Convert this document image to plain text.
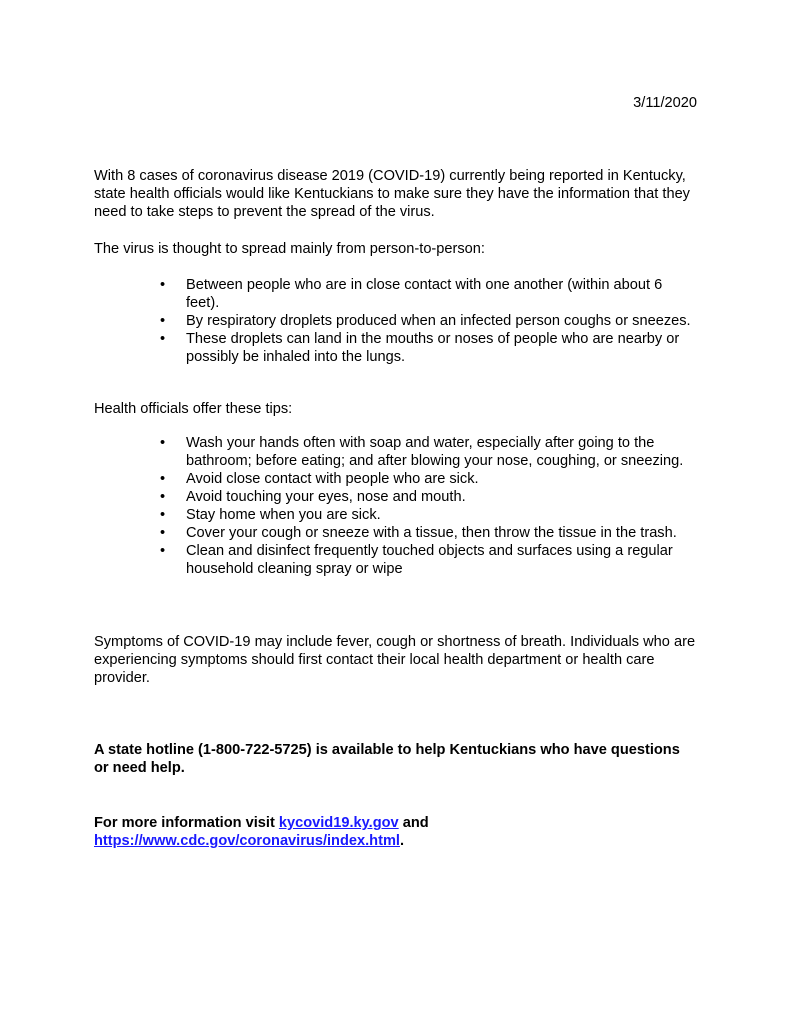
3/11/2020

With 8 cases of coronavirus disease 2019 (COVID-19) currently being reported in Kentucky, state health officials would like Kentuckians to make sure they have the information that they need to take steps to prevent the spread of the virus.

The virus is thought to spread mainly from person-to-person:

• Between people who are in close contact with one another (within about 6 feet).
• By respiratory droplets produced when an infected person coughs or sneezes.
• These droplets can land in the mouths or noses of people who are nearby or possibly be inhaled into the lungs.

Health officials offer these tips:

• Wash your hands often with soap and water, especially after going to the bathroom; before eating; and after blowing your nose, coughing, or sneezing.
• Avoid close contact with people who are sick.
• Avoid touching your eyes, nose and mouth.
• Stay home when you are sick.
• Cover your cough or sneeze with a tissue, then throw the tissue in the trash.
• Clean and disinfect frequently touched objects and surfaces using a regular household cleaning spray or wipe

Symptoms of COVID-19 may include fever, cough or shortness of breath. Individuals who are experiencing symptoms should first contact their local health department or health care provider.

A state hotline (1-800-722-5725) is available to help Kentuckians who have questions or need help.

For more information visit kycovid19.ky.gov and
https://www.cdc.gov/coronavirus/index.html.
